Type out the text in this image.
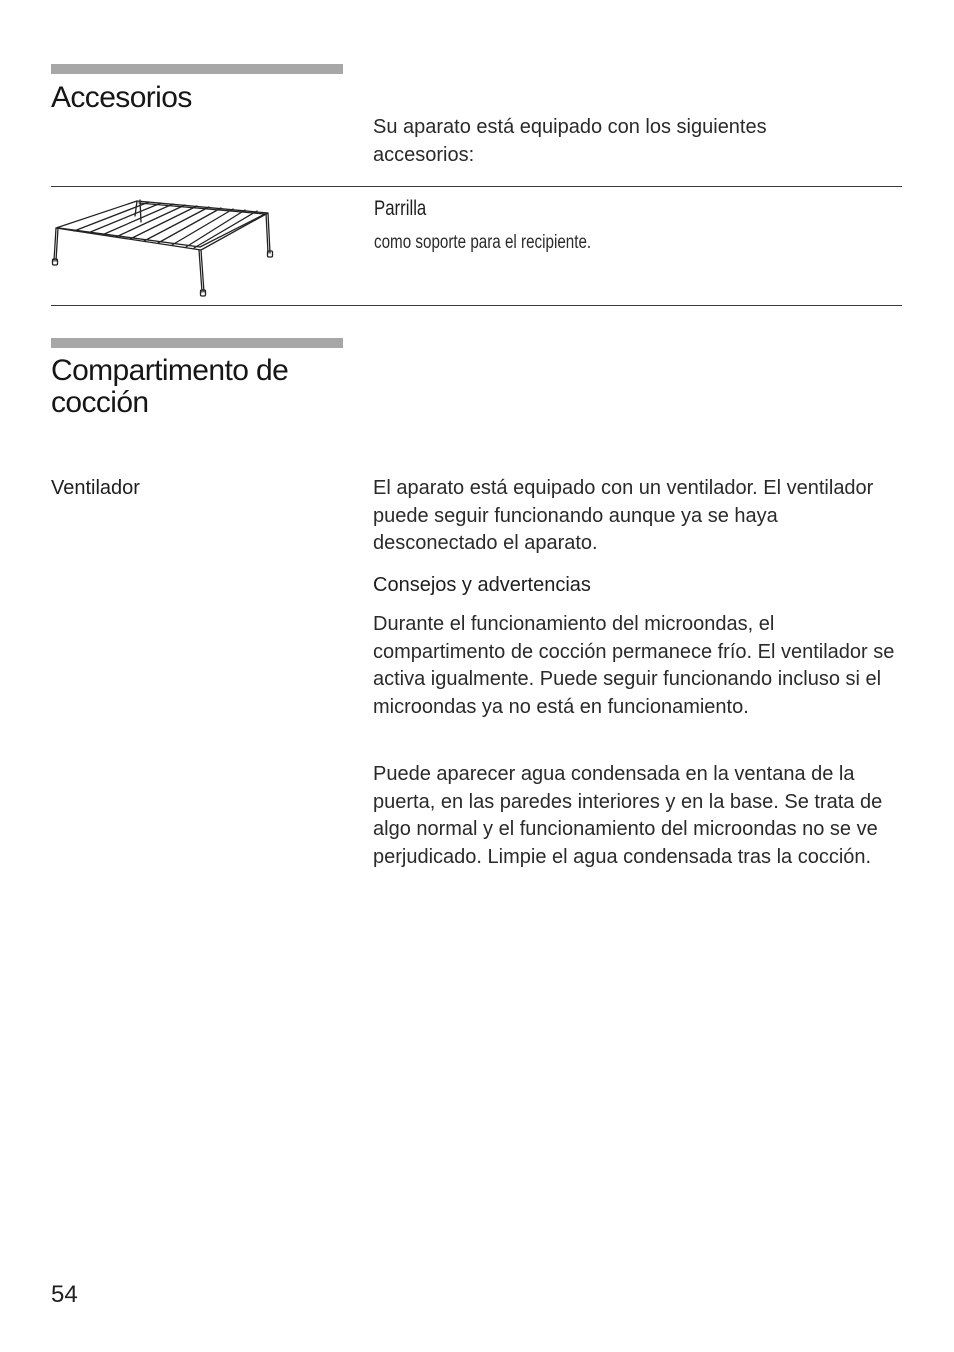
Accesorios

Su aparato está equipado con los siguientes accesorios:

Parrilla
como soporte para el recipiente.
Compartimento de
cocción
Ventilador	El aparato está equipado con un ventilador. El ventilador puede seguir funcionando aunque ya se haya desconectado el aparato.

Consejos y advertencias

Durante el funcionamiento del microondas, el compartimento de cocción permanece frío. El ventilador se activa igualmente. Puede seguir funcionando incluso si el microondas ya no está en funcionamiento.

Puede aparecer agua condensada en la ventana de la puerta, en las paredes interiores y en la base. Se trata de algo normal y el funcionamiento del microondas no se ve perjudicado. Limpie el agua condensada tras la cocción.

54
